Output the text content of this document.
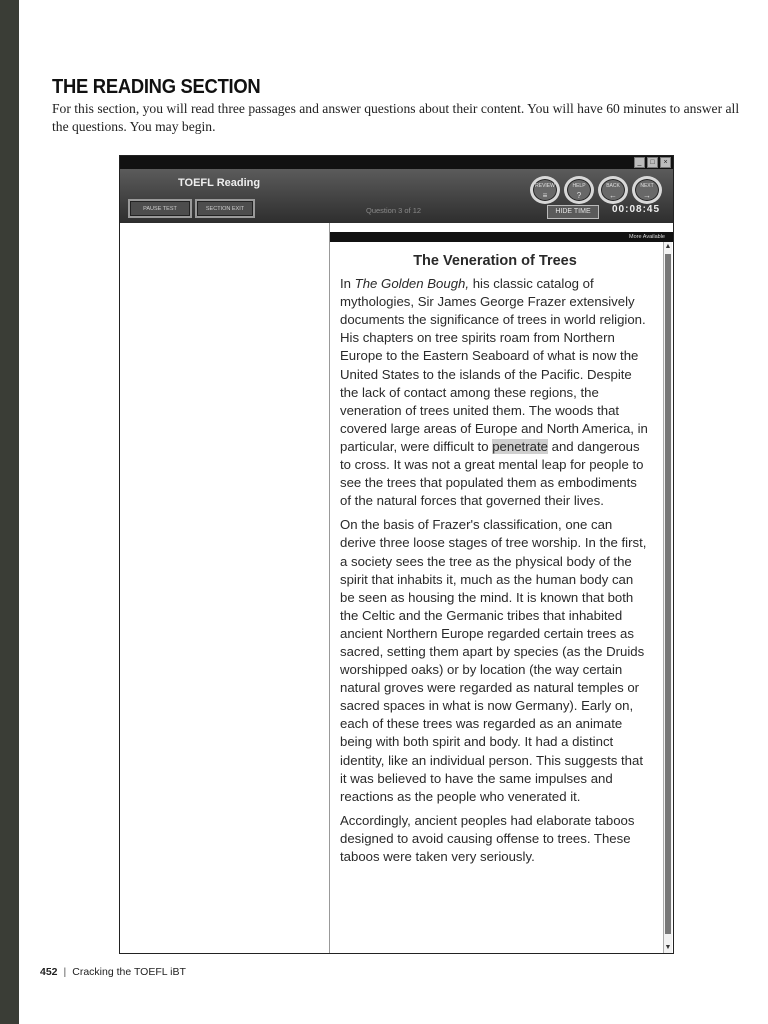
THE READING SECTION

For this section, you will read three passages and answer questions about their content. You will have 60 minutes to answer all the questions. You may begin.

_	□	×
TOEFL Reading
PAUSE TEST	SECTION EXIT	Question 3 of 12
REVIEW
≡
HELP
?
BACK
←
NEXT
→
HIDE TIME	00:08:45
More Available
The Veneration of Trees

In The Golden Bough, his classic catalog of mythologies, Sir James George Frazer extensively documents the significance of trees in world religion. His chapters on tree spirits roam from Northern Europe to the Eastern Seaboard of what is now the United States to the islands of the Pacific. Despite the lack of contact among these regions, the veneration of trees united them. The woods that covered large areas of Europe and North America, in particular, were difficult to penetrate and dangerous to cross. It was not a great mental leap for people to see the trees that populated them as embodiments of the natural forces that governed their lives.

On the basis of Frazer's classification, one can derive three loose stages of tree worship. In the first, a society sees the tree as the physical body of the spirit that inhabits it, much as the human body can be seen as housing the mind. It is known that both the Celtic and the Germanic tribes that inhabited ancient Northern Europe regarded certain trees as sacred, setting them apart by species (as the Druids worshipped oaks) or by location (the way certain natural groves were regarded as natural temples or sacred spaces in what is now Germany). Early on, each of these trees was regarded as an animate being with both spirit and body. It had a distinct identity, like an individual person. This suggests that it was believed to have the same impulses and reactions as the people who venerated it.

Accordingly, ancient peoples had elaborate taboos designed to avoid causing offense to trees. These taboos were taken very seriously.

▲
▼
452 | Cracking the TOEFL iBT
